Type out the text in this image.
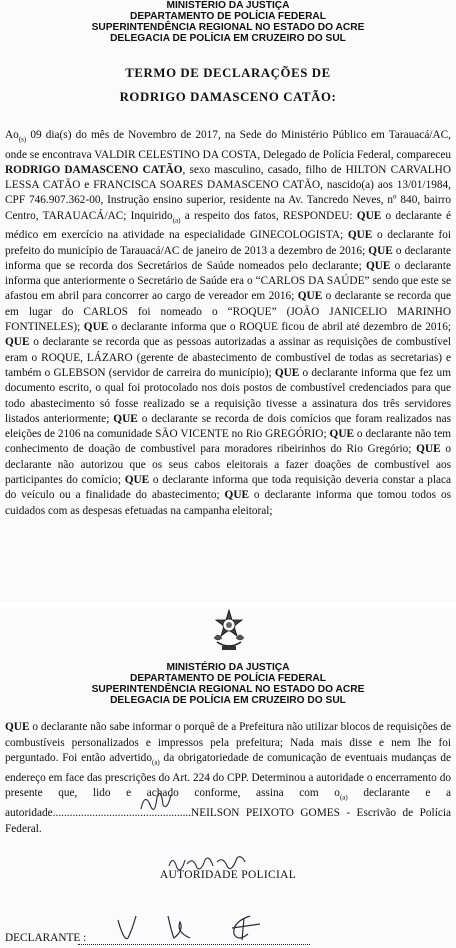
MINISTÉRIO DA JUSTIÇA
DEPARTAMENTO DE POLÍCIA FEDERAL
SUPERINTENDÊNCIA REGIONAL NO ESTADO DO ACRE
DELEGACIA DE POLÍCIA EM CRUZEIRO DO SUL
TERMO DE DECLARAÇÕES DE
RODRIGO DAMASCENO CATÃO:
$Ao_{(s)}$ 09 dia(s) do mês de Novembro de 2017, na Sede do Ministério Público em Tarauacá/AC, onde se encontrava VALDIR CELESTINO DA COSTA, Delegado de Polícia Federal, compareceu RODRIGO DAMASCENO CATÃO, sexo masculino, casado, filho de HILTON CARVALHO LESSA CATÃO e FRANCISCA SOARES DAMASCENO CATÃO, nascido(a) aos 13/01/1984, CPF 746.907.362-00, Instrução ensino superior, residente na Av. Tancredo Neves, nº 840, bairro Centro, TARAUACÁ/AC; Inquirido$_{(a)}$ a respeito dos fatos, RESPONDEU: QUE o declarante é médico em exercício na atividade na especialidade GINECOLOGISTA; QUE o declarante foi prefeito do município de Tarauacá/AC de janeiro de 2013 a dezembro de 2016; QUE o declarante informa que se recorda dos Secretários de Saúde nomeados pelo declarante; QUE o declarante informa que anteriormente o Secretário de Saúde era o “CARLOS DA SAÚDE” sendo que este se afastou em abril para concorrer ao cargo de vereador em 2016; QUE o declarante se recorda que em lugar do CARLOS foi nomeado o “ROQUE” (JOÃO JANICELIO MARINHO FONTINELES); QUE o declarante informa que o ROQUE ficou de abril até dezembro de 2016; QUE o declarante se recorda que as pessoas autorizadas a assinar as requisições de combustível eram o ROQUE, LÁZARO (gerente de abastecimento de combustível de todas as secretarias) e também o GLEBSON (servidor de carreira do município); QUE o declarante informa que fez um documento escrito, o qual foi protocolado nos dois postos de combustível credenciados para que todo abastecimento só fosse realizado se a requisição tivesse a assinatura dos três servidores listados anteriormente; QUE o declarante se recorda de dois comícios que foram realizados nas eleições de 2106 na comunidade SÃO VICENTE no Rio GREGÓRIO; QUE o declarante não tem conhecimento de doação de combustível para moradores ribeirinhos do Rio Gregório; QUE o declarante não autorizou que os seus cabos eleitorais a fazer doações de combustível aos participantes do comício; QUE o declarante informa que toda requisição deveria constar a placa do veículo ou a finalidade do abastecimento; QUE o declarante informa que tomou todos os cuidados com as despesas efetuadas na campanha eleitoral;
MINISTÉRIO DA JUSTIÇA
DEPARTAMENTO DE POLÍCIA FEDERAL
SUPERINTENDÊNCIA REGIONAL NO ESTADO DO ACRE
DELEGACIA DE POLÍCIA EM CRUZEIRO DO SUL
QUE o declarante não sabe informar o porquê de a Prefeitura não utilizar blocos de requisições de combustíveis personalizados e impressos pela prefeitura; Nada mais disse e nem lhe foi perguntado. Foi então advertido$_{(a)}$ da obrigatoriedade de comunicação de eventuais mudanças de endereço em face das prescrições do Art. 224 do CPP. Determinou a autoridade o encerramento do presente que, lido e achado conforme, assina com $o_{(a)}$ declarante e a autoridade.................................................NEILSON PEIXOTO GOMES - Escrivão de Polícia Federal.
AUTORIDADE POLICIAL
DECLARANTE :
